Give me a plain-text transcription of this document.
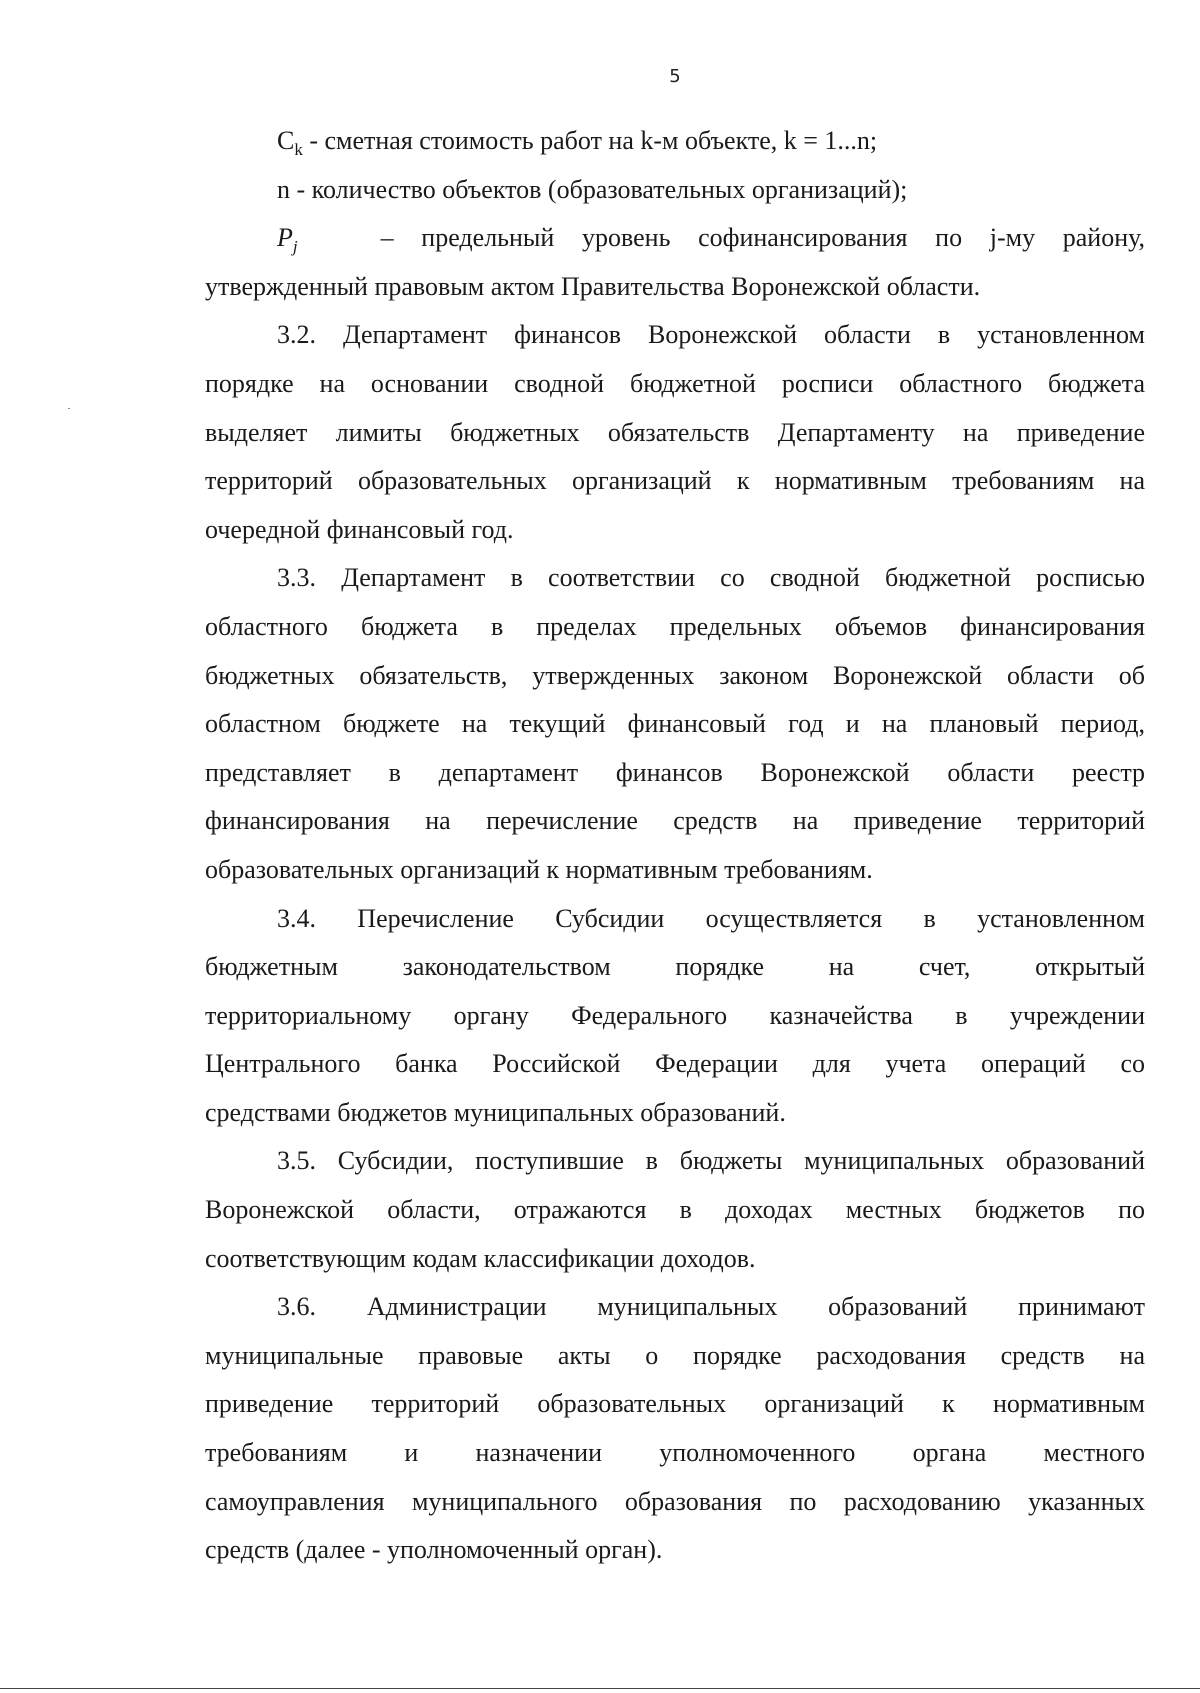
5
$C_k$ - сметная стоимость работ на k-м объекте, k = 1...n;
n - количество объектов (образовательных организаций);
$P_j$	– предельный уровень софинансирования по j-му району,
утвержденный правовым актом Правительства Воронежской области.
3.2. Департамент финансов Воронежской области в установленном
порядке на основании сводной бюджетной росписи областного бюджета
выделяет лимиты бюджетных обязательств Департаменту на приведение
территорий образовательных организаций к нормативным требованиям на
очередной финансовый год.
3.3. Департамент в соответствии со сводной бюджетной росписью
областного бюджета в пределах предельных объемов финансирования
бюджетных обязательств, утвержденных законом Воронежской области об
областном бюджете на текущий финансовый год и на плановый период,
представляет в департамент финансов Воронежской области реестр
финансирования на перечисление средств на приведение территорий
образовательных организаций к нормативным требованиям.
3.4. Перечисление Субсидии осуществляется в установленном
бюджетным законодательством порядке на счет, открытый
территориальному органу Федерального казначейства в учреждении
Центрального банка Российской Федерации для учета операций со
средствами бюджетов муниципальных образований.
3.5. Субсидии, поступившие в бюджеты муниципальных образований
Воронежской области, отражаются в доходах местных бюджетов по
соответствующим кодам классификации доходов.
3.6. Администрации муниципальных образований принимают
муниципальные правовые акты о порядке расходования средств на
приведение территорий образовательных организаций к нормативным
требованиям и назначении уполномоченного органа местного
самоуправления муниципального образования по расходованию указанных
средств (далее - уполномоченный орган).
